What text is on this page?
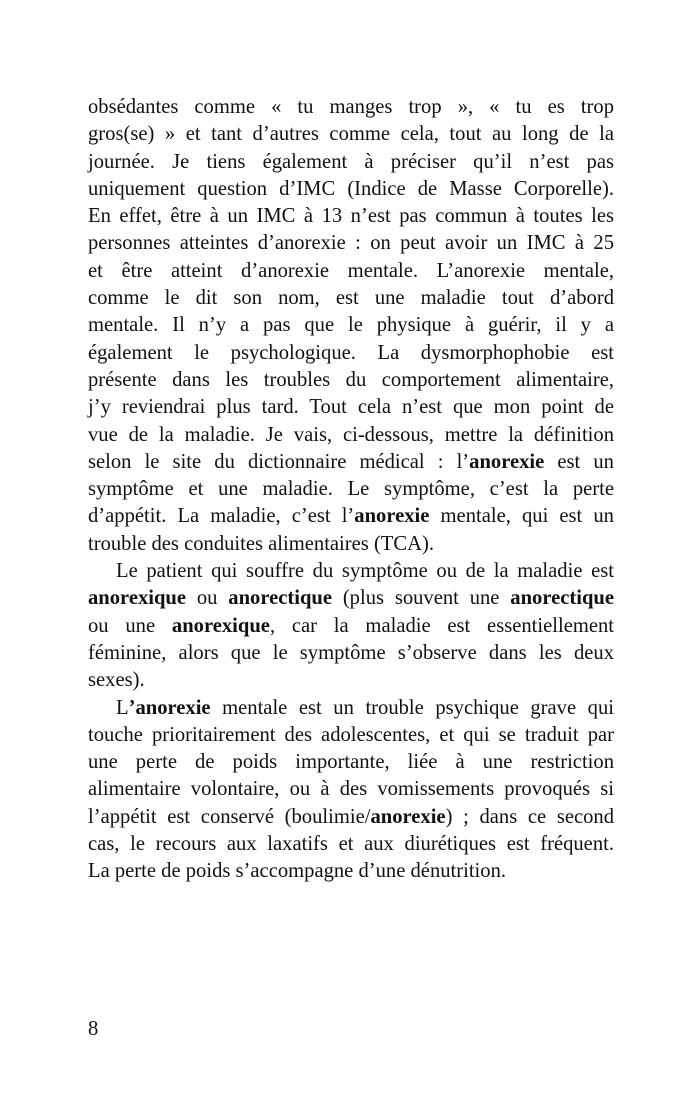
obsédantes comme « tu manges trop », « tu es trop
gros(se) » et tant d’autres comme cela, tout au long de la
journée. Je tiens également à préciser qu’il n’est pas
uniquement question d’IMC (Indice de Masse Corporelle).
En effet, être à un IMC à 13 n’est pas commun à toutes les
personnes atteintes d’anorexie : on peut avoir un IMC à 25
et être atteint d’anorexie mentale. L’anorexie mentale,
comme le dit son nom, est une maladie tout d’abord
mentale. Il n’y a pas que le physique à guérir, il y a
également le psychologique. La dysmorphophobie est
présente dans les troubles du comportement alimentaire,
j’y reviendrai plus tard. Tout cela n’est que mon point de
vue de la maladie. Je vais, ci-dessous, mettre la définition
selon le site du dictionnaire médical : l’anorexie est un
symptôme et une maladie. Le symptôme, c’est la perte
d’appétit. La maladie, c’est l’anorexie mentale, qui est un
trouble des conduites alimentaires (TCA).
Le patient qui souffre du symptôme ou de la maladie est
anorexique ou anorectique (plus souvent une anorectique
ou une anorexique, car la maladie est essentiellement
féminine, alors que le symptôme s’observe dans les deux
sexes).
L’anorexie mentale est un trouble psychique grave qui
touche prioritairement des adolescentes, et qui se traduit par
une perte de poids importante, liée à une restriction
alimentaire volontaire, ou à des vomissements provoqués si
l’appétit est conservé (boulimie/anorexie) ; dans ce second
cas, le recours aux laxatifs et aux diurétiques est fréquent.
La perte de poids s’accompagne d’une dénutrition.
8
